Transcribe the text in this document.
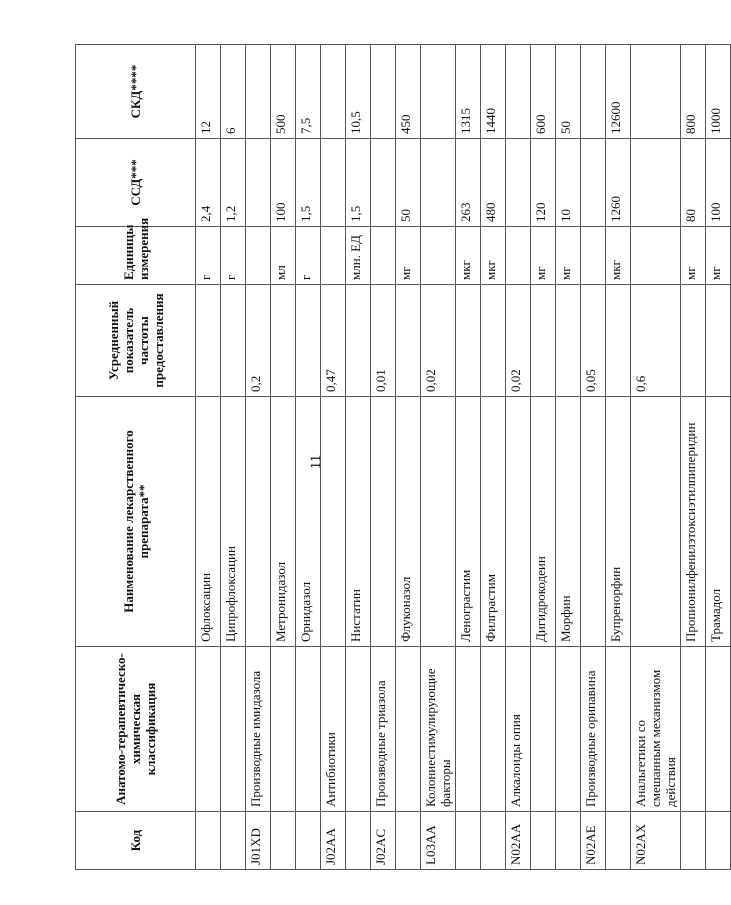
11
Код	Анатомо-терапевтическо-химическая классификация	Наименование лекарственного препарата**	Усредненный показатель частоты предоставления	Единицы измерения	ССД***	СКД****
		Офлоксацин		г	2,4	12
		Ципрофлоксацин		г	1,2	6
J01XD	Производные имидазола		0,2			
		Метронидазол		мл	100	500
		Орнидазол		г	1,5	7,5
J02AA	Антибиотики		0,47			
		Нистатин		млн. ЕД	1,5	10,5
J02AC	Производные триазола		0,01			
		Флуконазол		мг	50	450
L03AA	Колониестимулирующие факторы		0,02			
		Ленограстим		мкг	263	1315
		Филграстим		мкг	480	1440
N02AA	Алкалоиды опия		0,02			
		Дигидрокодеин		мг	120	600
		Морфин		мг	10	50
N02AE	Производные орипавина		0,05			
		Бупренорфин		мкг	1260	12600
N02AX	Анальгетики со смешанным механизмом действия		0,6			
		Пропионилфенилэтоксиэтилпиперидин		мг	80	800
		Трамадол		мг	100	1000
